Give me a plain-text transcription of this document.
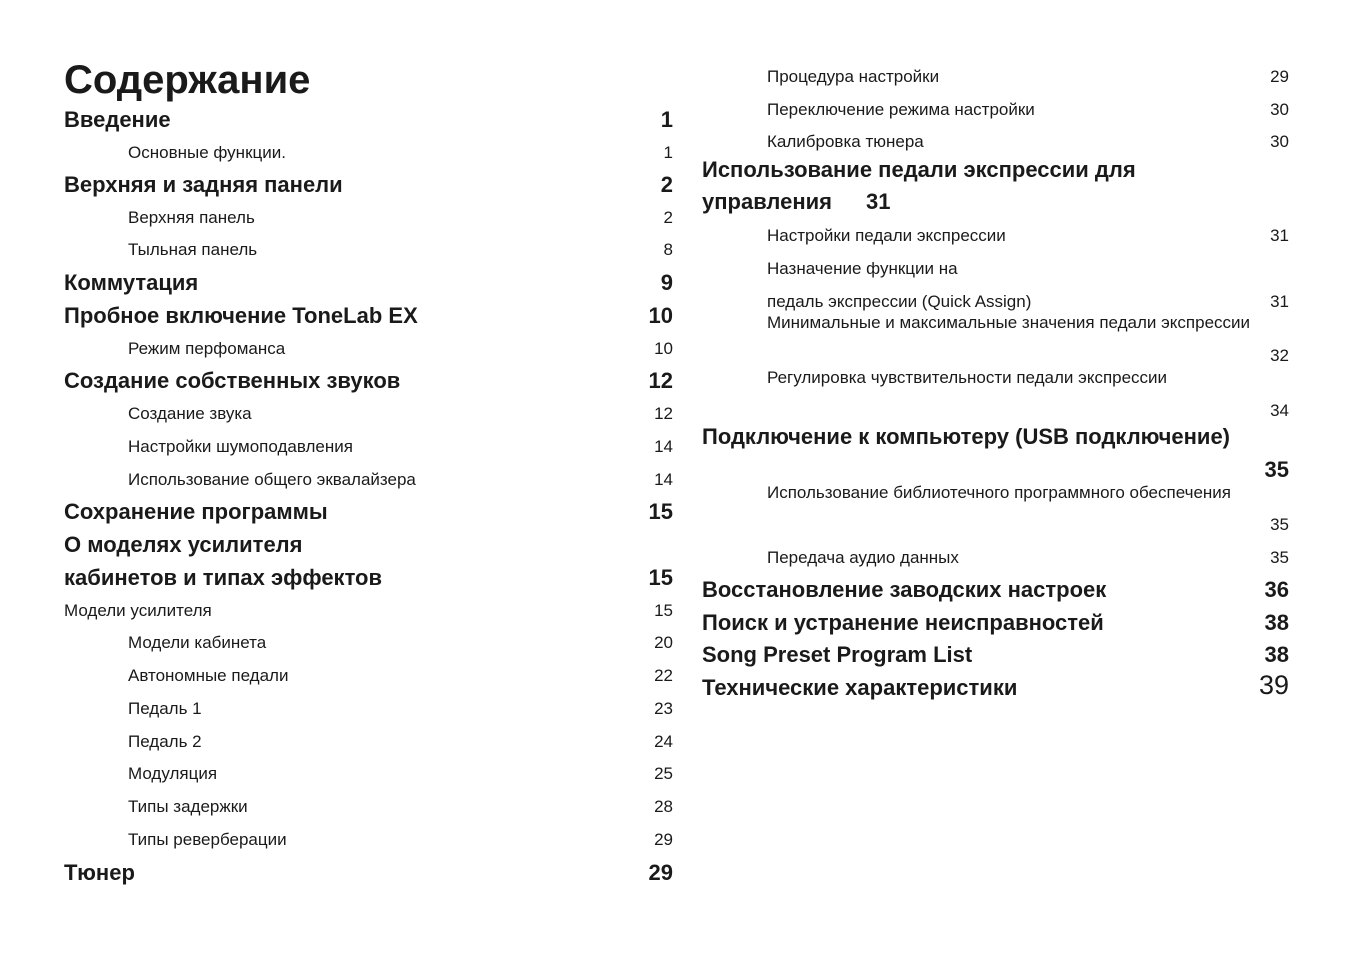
Содержание
Введение	1
Основные функции.	1
Верхняя и задняя панели	2
Верхняя панель	2
Тыльная панель	8
Коммутация	9
Пробное включение ToneLab EX	10
Режим перфоманса	10
Создание собственных звуков	12
Создание звука	12
Настройки шумоподавления	14
Использование общего эквалайзера	14
Сохранение программы	15
О моделях усилителя
кабинетов и типах эффектов	15
Модели усилителя	15
Модели кабинета	20
Автономные педали	22
Педаль 1	23
Педаль 2	24
Модуляция	25
Типы задержки	28
Типы реверберации	29
Тюнер	29
Процедура настройки	29
Переключение режима настройки	30
Калибровка тюнера	30
Использование педали экспрессии для
управления 31
Настройки педали экспрессии	31
Назначение функции на
педаль экспрессии (Quick Assign)	31
Минимальные и максимальные значения педали экспрессии
32
Регулировка чувствительности педали экспрессии
34
Подключение к компьютеру (USB подключение)
35
Использование библиотечного программного обеспечения
35
Передача аудио данных	35
Восстановление заводских настроек	36
Поиск и устранение неисправностей	38
Song Preset Program List	38
Технические характеристики	39
